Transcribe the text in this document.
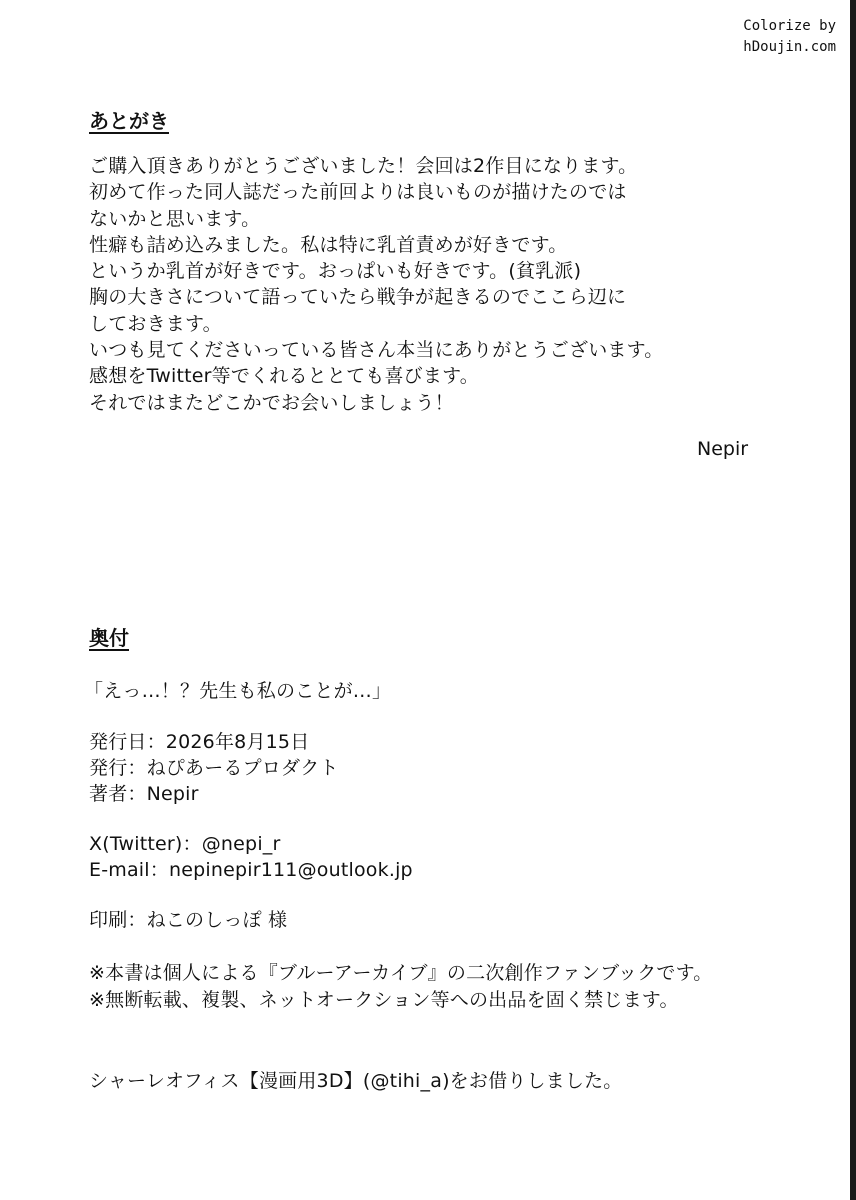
Colorize by
hDoujin.com
あとがき
ご購入頂きありがとうございました！会回は2作目になります。
初めて作った同人誌だった前回よりは良いものが描けたのでは
ないかと思います。
性癖も詰め込みました。私は特に乳首責めが好きです。
というか乳首が好きです。おっぱいも好きです。(貧乳派)
胸の大きさについて語っていたら戦争が起きるのでここら辺に
しておきます。
いつも見てくださいっている皆さん本当にありがとうございます。
感想をTwitter等でくれるととても喜びます。
それではまたどこかでお会いしましょう！
Nepir
奥付
「えっ…！？先生も私のことが…」
発行日：2026年8月15日
発行：ねぴあーるプロダクト
著者：Nepir
X(Twitter)：@nepi_r
E-mail：nepinepir111@outlook.jp
印刷：ねこのしっぽ 様
※本書は個人による『ブルーアーカイブ』の二次創作ファンブックです。
※無断転載、複製、ネットオークション等への出品を固く禁じます。
シャーレオフィス【漫画用3D】(@tihi_a)をお借りしました。
